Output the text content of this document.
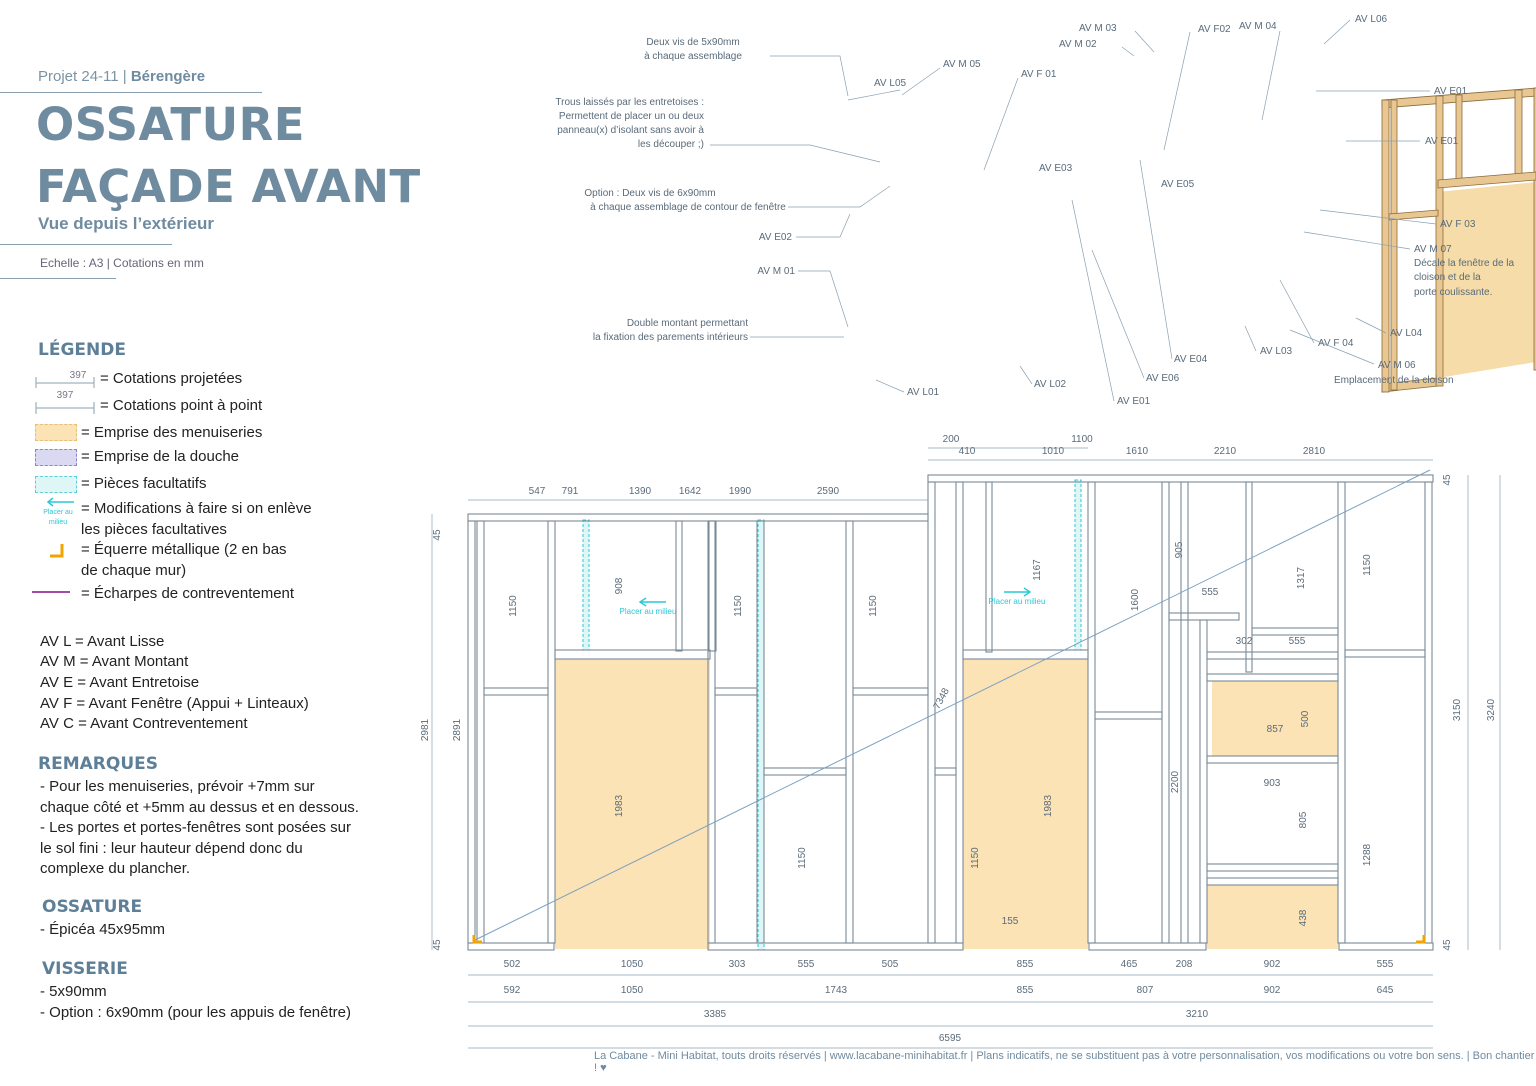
Projet 24-11 | Bérengère
OSSATURE
FAÇADE AVANT
Vue depuis l’extérieur
Echelle : A3 | Cotations en mm
LÉGENDE
397
397
= Cotations projetées
= Cotations point à point
= Emprise des menuiseries
= Emprise de la douche
= Pièces facultatifs
Placer au
milieu
= Modifications à faire si on enlève les pièces facultatives
= Équerre métallique (2 en bas de chaque mur)
= Écharpes de contreventement
AV L = Avant Lisse
AV M = Avant Montant
AV E = Avant Entretoise
AV F = Avant Fenêtre (Appui + Linteaux)
AV C = Avant Contreventement
REMARQUES
- Pour les menuiseries, prévoir +7mm sur
chaque côté et +5mm au dessus et en dessous.
- Les portes et portes-fenêtres sont posées sur
le sol fini : leur hauteur dépend donc du
complexe du plancher.
OSSATURE
- Épicéa 45x95mm
VISSERIE
- 5x90mm
- Option : 6x90mm (pour les appuis de fenêtre)
Deux vis de 5x90mm
à chaque assemblage
Trous laissés par les entretoises :
Permettent de placer un ou deux
panneau(x) d’isolant sans avoir à
les découper ;)
Option : Deux vis de 6x90mm
à chaque assemblage de contour de fenêtre
AV E02
AV M 01
Double montant permettant
la fixation des parements intérieurs
AV L05
AV M 05
AV F 01
AV M 03
AV M 02
AV F02 AV M 04
AV L06
AV E01
AV E01
AV F 03
AV M 07
Décale la fenêtre de la
cloison et de la
porte coulissante.
AV L04
AV F 04
AV M 06
Emplacement de la cloison
AV L03
AV E04
AV E06
AV E01
AV L02
AV L01
AV E03
AV E05
547 791	1390	1642	1990	2590
200	1100
410	1010	1610	2210	2810
502	1050	303	555	505	855	465	208	902	555
592	1050	1743	855	807	902	645
3385	3210
6595
2981 2891
3150 3240
1150
908
1150	1150
1167
1600
905
555
302	555
1317
1150
500
857
903
805
1288
438
2200
1983	1983
1150	1150
155
7348
45
45	45
45
Placer au milieu
Placer au milieu
La Cabane - Mini Habitat, touts droits réservés | www.lacabane-minihabitat.fr | Plans indicatifs, ne se substituent pas à votre personnalisation, vos modifications ou votre bon sens. | Bon chantier ! ♥
